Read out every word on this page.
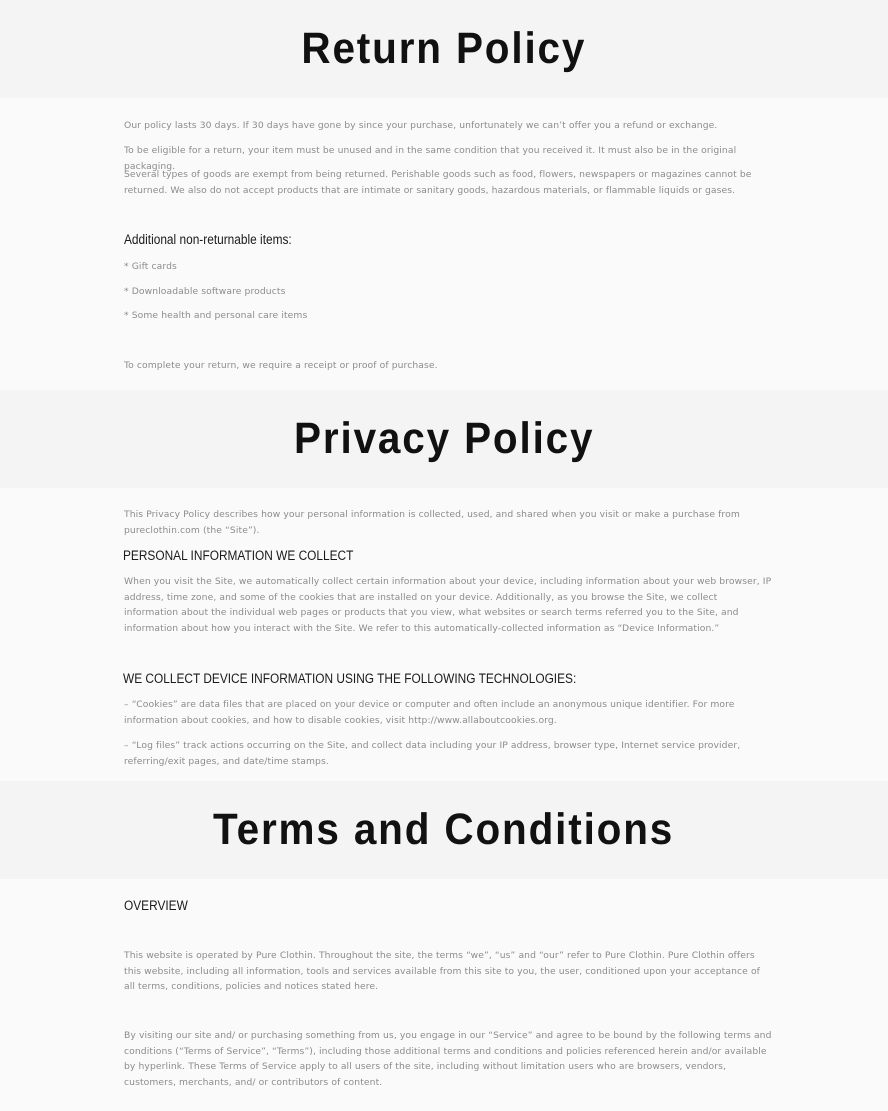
Return Policy

Our policy lasts 30 days. If 30 days have gone by since your purchase, unfortunately we can’t offer you a refund or exchange.

To be eligible for a return, your item must be unused and in the same condition that you received it. It must also be in the original packaging.

Several types of goods are exempt from being returned. Perishable goods such as food, flowers, newspapers or magazines cannot be returned. We also do not accept products that are intimate or sanitary goods, hazardous materials, or flammable liquids or gases.

Additional non-returnable items:

* Gift cards

* Downloadable software products

* Some health and personal care items

To complete your return, we require a receipt or proof of purchase.

Privacy Policy

This Privacy Policy describes how your personal information is collected, used, and shared when you visit or make a purchase from pureclothin.com (the “Site”).

PERSONAL INFORMATION WE COLLECT

When you visit the Site, we automatically collect certain information about your device, including information about your web browser, IP address, time zone, and some of the cookies that are installed on your device. Additionally, as you browse the Site, we collect information about the individual web pages or products that you view, what websites or search terms referred you to the Site, and information about how you interact with the Site. We refer to this automatically-collected information as “Device Information.”

WE COLLECT DEVICE INFORMATION USING THE FOLLOWING TECHNOLOGIES:

– “Cookies” are data files that are placed on your device or computer and often include an anonymous unique identifier. For more information about cookies, and how to disable cookies, visit http://www.allaboutcookies.org.

– “Log files” track actions occurring on the Site, and collect data including your IP address, browser type, Internet service provider, referring/exit pages, and date/time stamps.

Terms and Conditions
OVERVIEW

This website is operated by Pure Clothin. Throughout the site, the terms “we”, “us” and “our” refer to Pure Clothin. Pure Clothin offers this website, including all information, tools and services available from this site to you, the user, conditioned upon your acceptance of all terms, conditions, policies and notices stated here.

By visiting our site and/ or purchasing something from us, you engage in our “Service” and agree to be bound by the following terms and conditions (“Terms of Service”, “Terms”), including those additional terms and conditions and policies referenced herein and/or available by hyperlink. These Terms of Service apply to all users of the site, including without limitation users who are browsers, vendors, customers, merchants, and/ or contributors of content.
